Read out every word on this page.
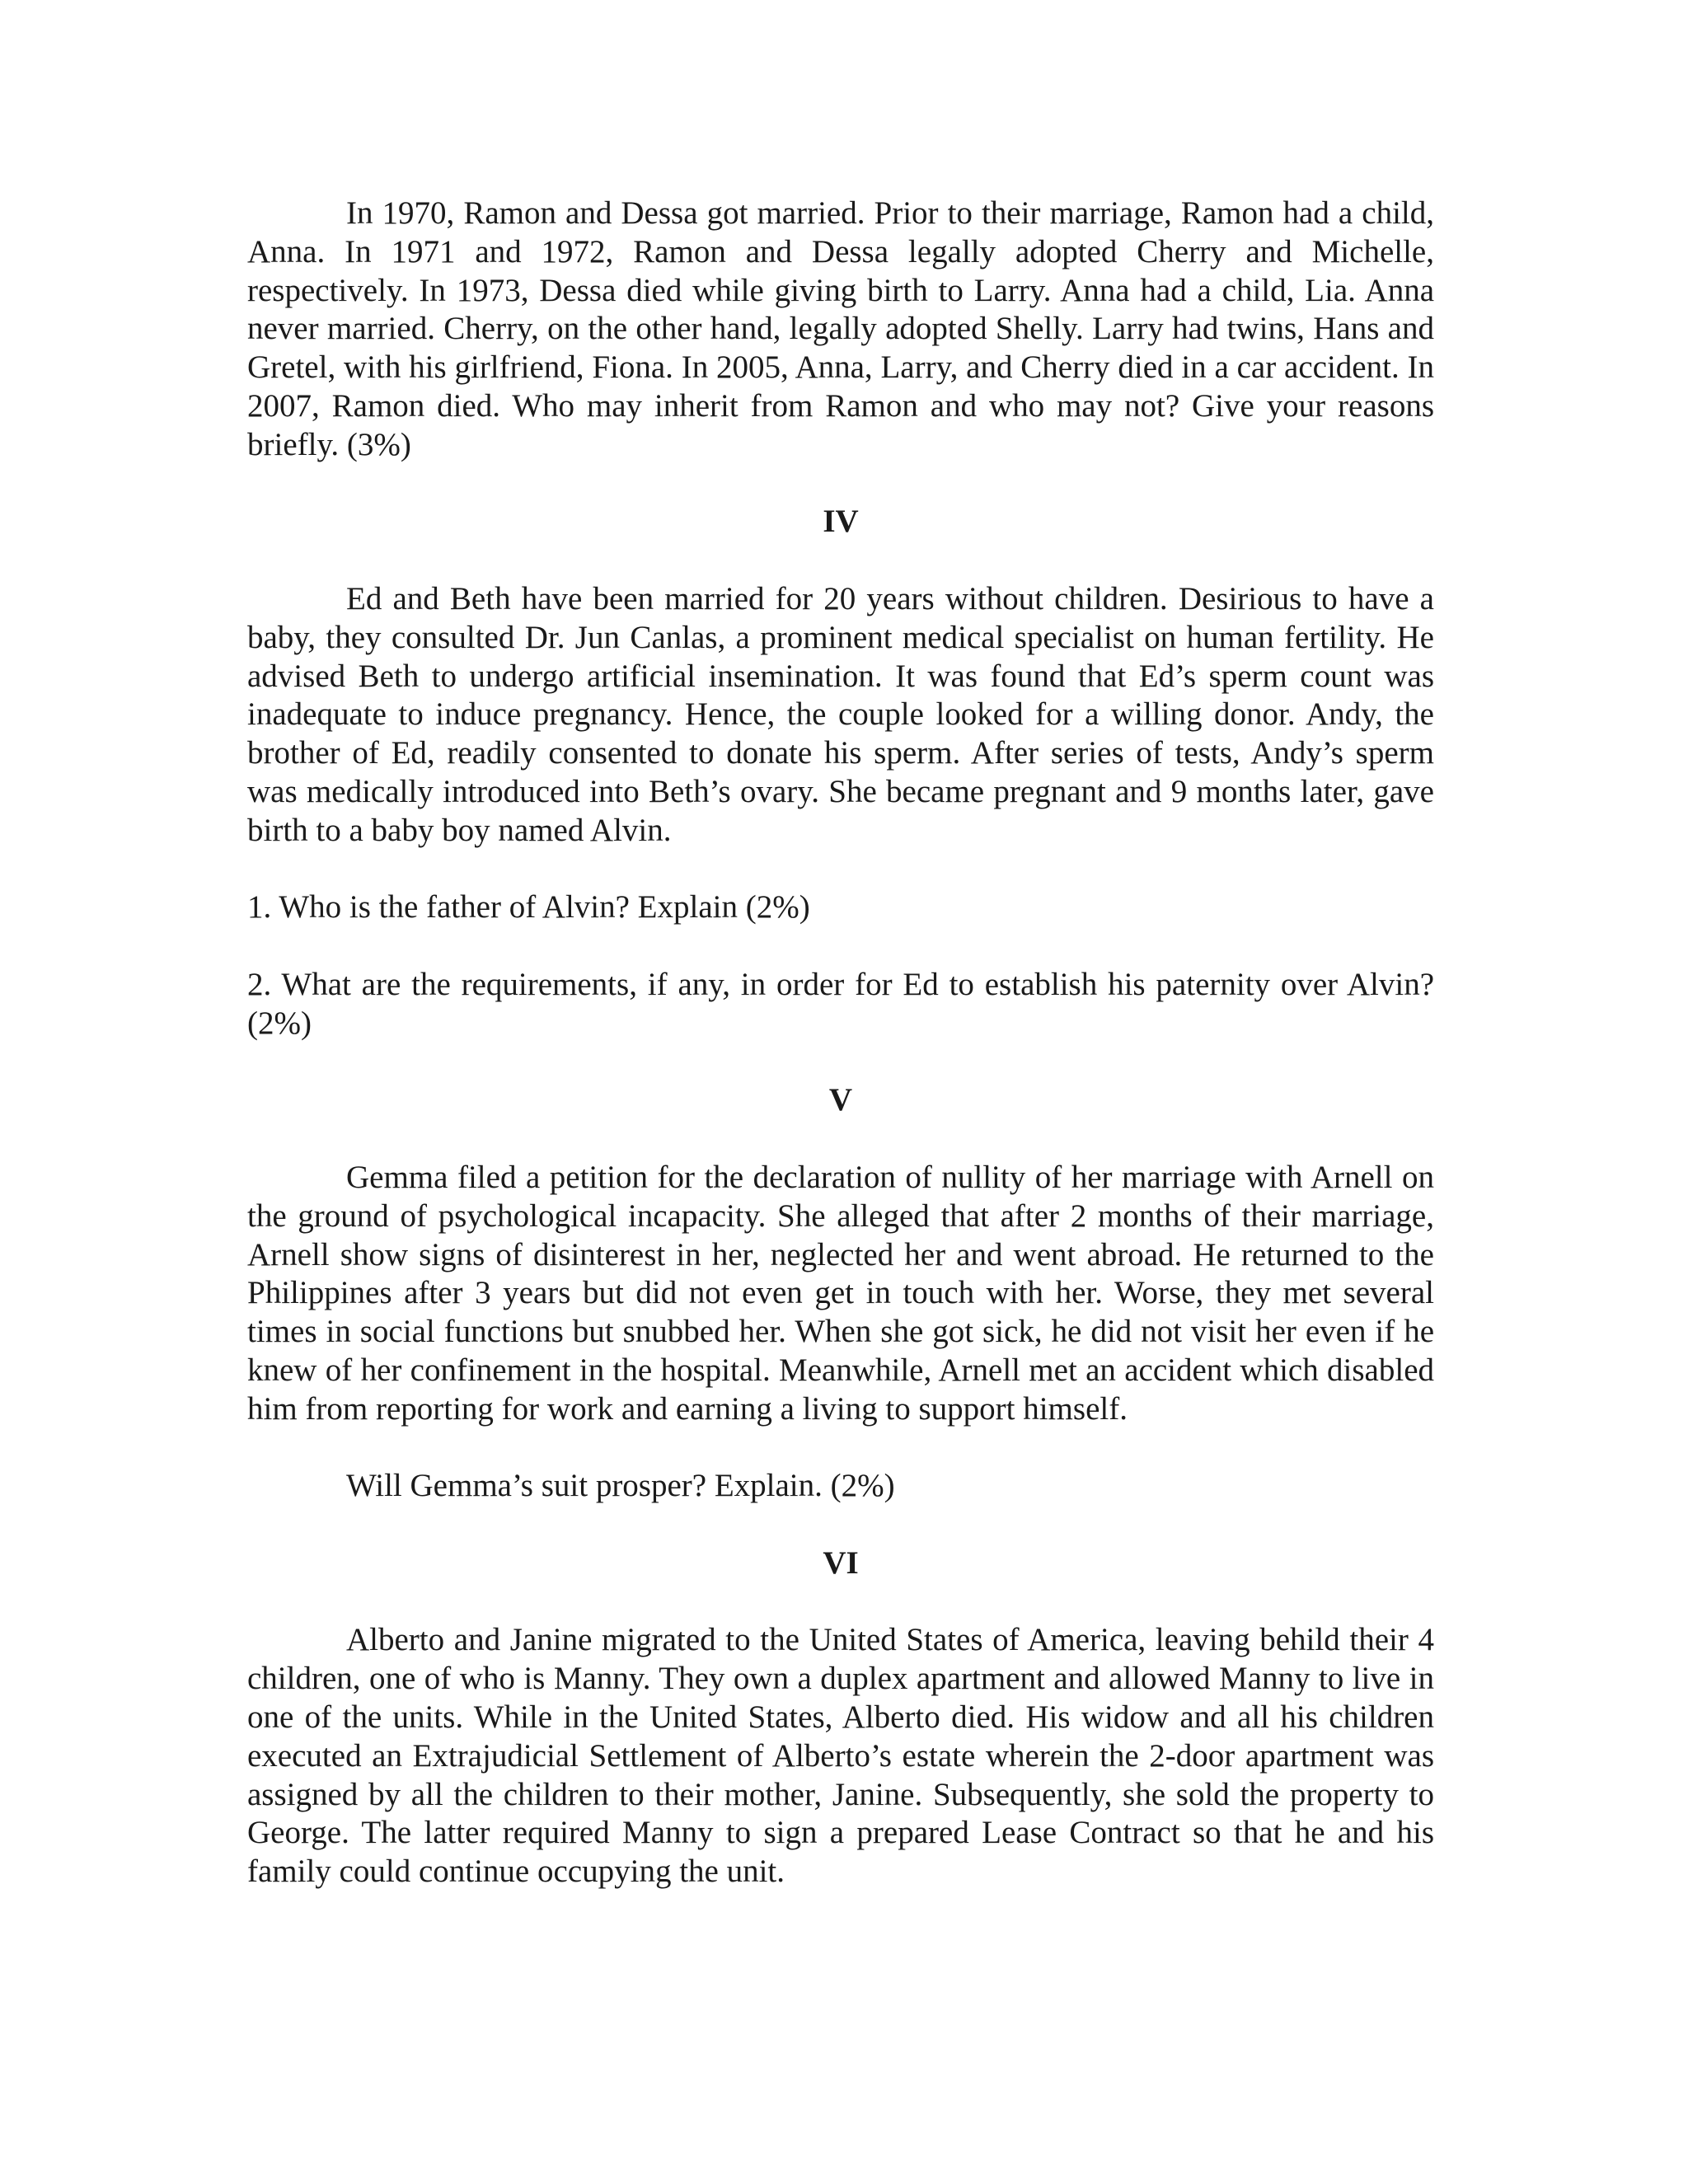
In 1970, Ramon and Dessa got married. Prior to their marriage, Ramon had a child, Anna. In 1971 and 1972, Ramon and Dessa legally adopted Cherry and Michelle, respectively. In 1973, Dessa died while giving birth to Larry. Anna had a child, Lia. Anna never married. Cherry, on the other hand, legally adopted Shelly. Larry had twins, Hans and Gretel, with his girlfriend, Fiona. In 2005, Anna, Larry, and Cherry died in a car accident. In 2007, Ramon died. Who may inherit from Ramon and who may not? Give your reasons briefly. (3%)

IV

Ed and Beth have been married for 20 years without children. Desirious to have a baby, they consulted Dr. Jun Canlas, a prominent medical specialist on human fertility. He advised Beth to undergo artificial insemination. It was found that Ed’s sperm count was inadequate to induce pregnancy. Hence, the couple looked for a willing donor. Andy, the brother of Ed, readily consented to donate his sperm. After series of tests, Andy’s sperm was medically introduced into Beth’s ovary. She became pregnant and 9 months later, gave birth to a baby boy named Alvin.

1. Who is the father of Alvin? Explain (2%)

2. What are the requirements, if any, in order for Ed to establish his paternity over Alvin? (2%)

V

Gemma filed a petition for the declaration of nullity of her marriage with Arnell on the ground of psychological incapacity. She alleged that after 2 months of their marriage, Arnell show signs of disinterest in her, neglected her and went abroad. He returned to the Philippines after 3 years but did not even get in touch with her. Worse, they met several times in social functions but snubbed her. When she got sick, he did not visit her even if he knew of her confinement in the hospital. Meanwhile, Arnell met an accident which disabled him from reporting for work and earning a living to support himself.

Will Gemma’s suit prosper? Explain. (2%)

VI

Alberto and Janine migrated to the United States of America, leaving behild their 4 children, one of who is Manny. They own a duplex apartment and allowed Manny to live in one of the units. While in the United States, Alberto died. His widow and all his children executed an Extrajudicial Settlement of Alberto’s estate wherein the 2-door apartment was assigned by all the children to their mother, Janine. Subsequently, she sold the property to George. The latter required Manny to sign a prepared Lease Contract so that he and his family could continue occupying the unit.
